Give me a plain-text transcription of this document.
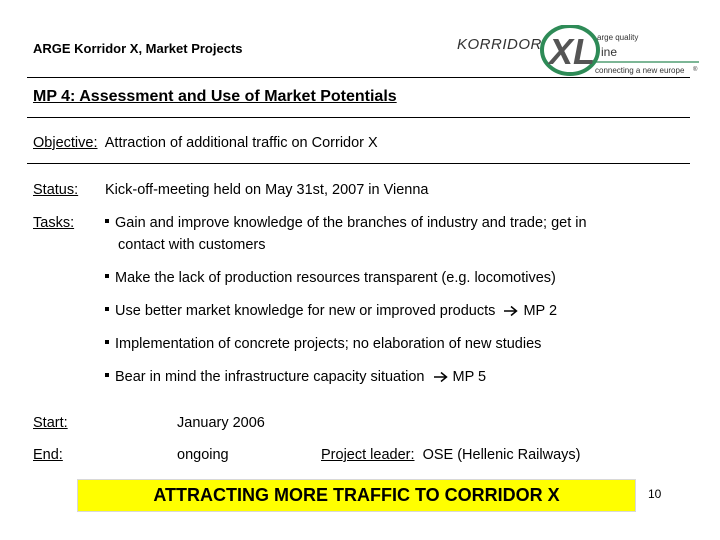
ARGE Korridor X, Market Projects	KORRIDOR XL arge quality
ine
connecting a new europe ®
MP 4: Assessment and Use of Market Potentials
Objective: Attraction of additional traffic on Corridor X
Status: Kick-off-meeting held on May 31st, 2007 in Vienna
Tasks:	Gain and improve knowledge of the branches of industry and trade; get in
contact with customers
Make the lack of production resources transparent (e.g. locomotives)
Use better market knowledge for new or improved products MP 2
Implementation of concrete projects; no elaboration of new studies
Bear in mind the infrastructure capacity situation MP 5
Start:	January 2006
End:	ongoing	Project leader: OSE (Hellenic Railways)
ATTRACTING MORE TRAFFIC TO CORRIDOR X	10
